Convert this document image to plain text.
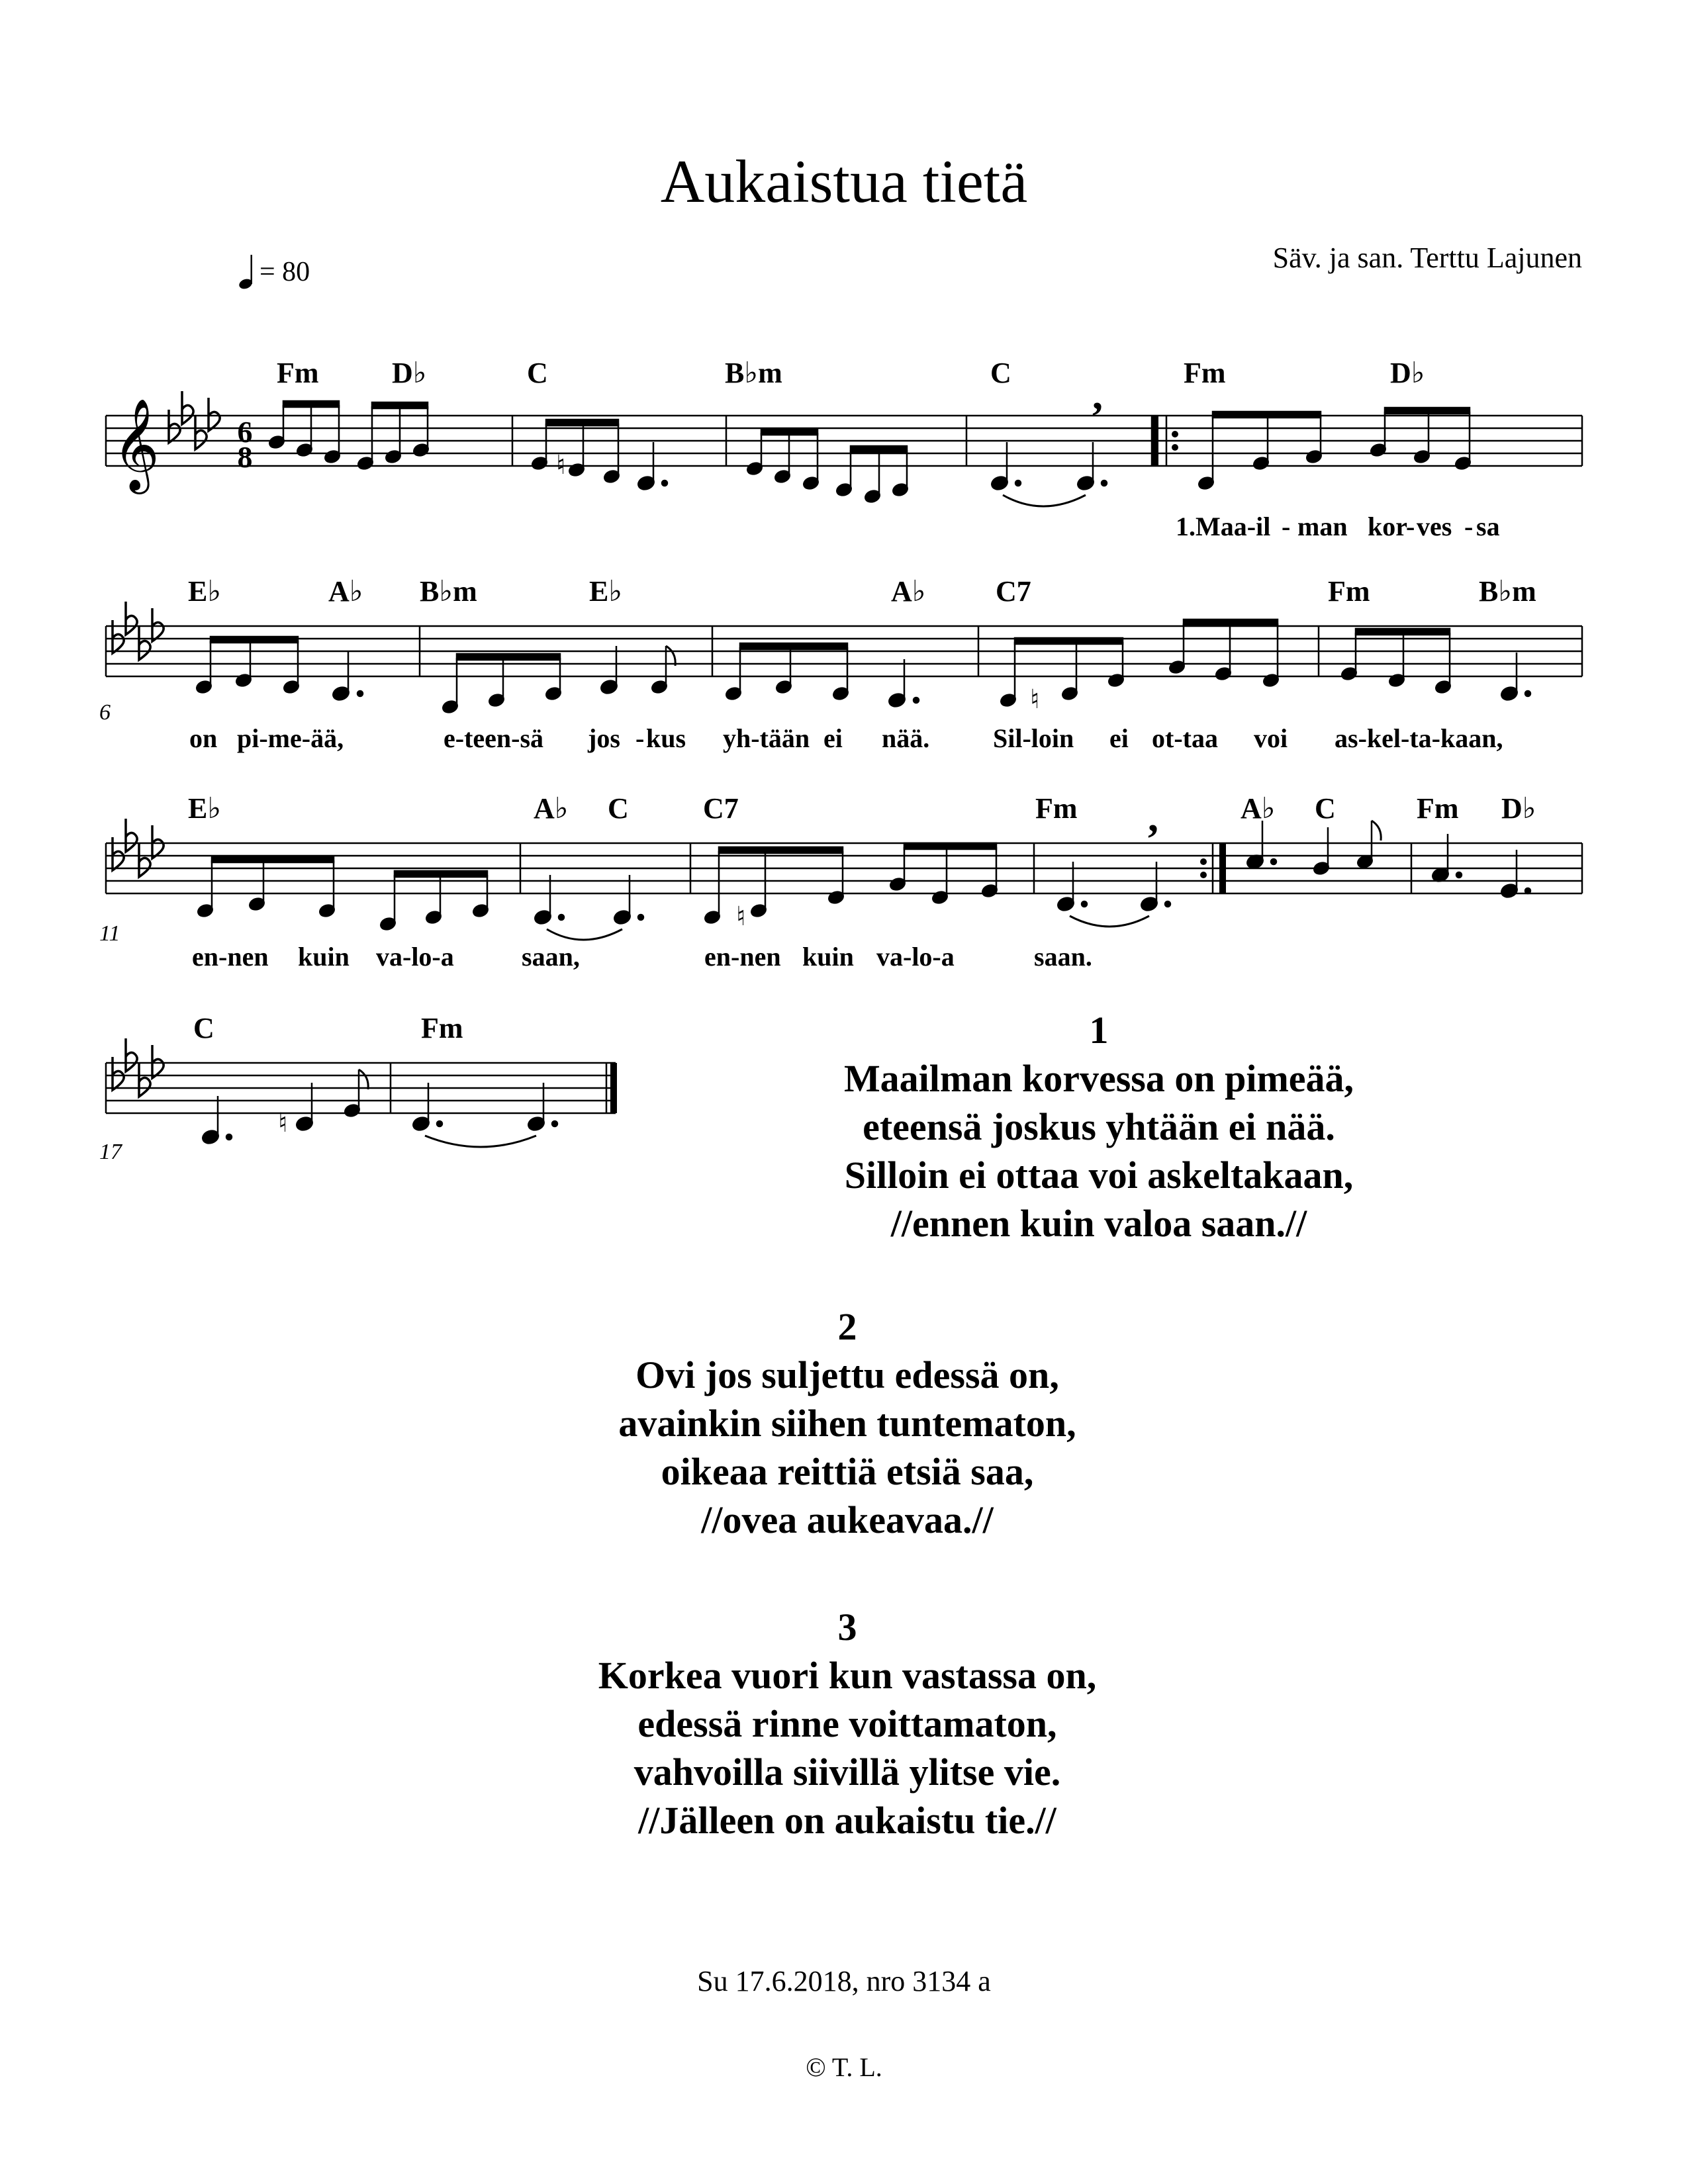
Aukaistua tietä
= 80	Säv. ja san. Terttu Lajunen
𝄞	6
8
,
♮
♮
,
♮
♮
6
11
17
Fm	D♭	C	B♭m	C	Fm	D♭
E♭	A♭ B♭m	E♭	A♭ C7	Fm	B♭m
E♭	A♭ C	C7	Fm	A♭ C	Fm D♭
C	Fm
1.Maa-il - man kor
- ves - sa
on pi-me-ää,	e-teen-sä jos - kus yh-tään ei nää. Sil-loin ei ot-taa voi as-kel-ta-kaan,
en-nen kuin va-lo-a	saan,	en-nen kuin va-lo-a	saan.
1
Maailman korvessa on pimeää,
eteensä joskus yhtään ei nää.
Silloin ei ottaa voi askeltakaan,
//ennen kuin valoa saan.//
2
Ovi jos suljettu edessä on,
avainkin siihen tuntematon,
oikeaa reittiä etsiä saa,
//ovea aukeavaa.//
3
Korkea vuori kun vastassa on,
edessä rinne voittamaton,
vahvoilla siivillä ylitse vie.
//Jälleen on aukaistu tie.//
Su 17.6.2018, nro 3134 a
© T. L.
